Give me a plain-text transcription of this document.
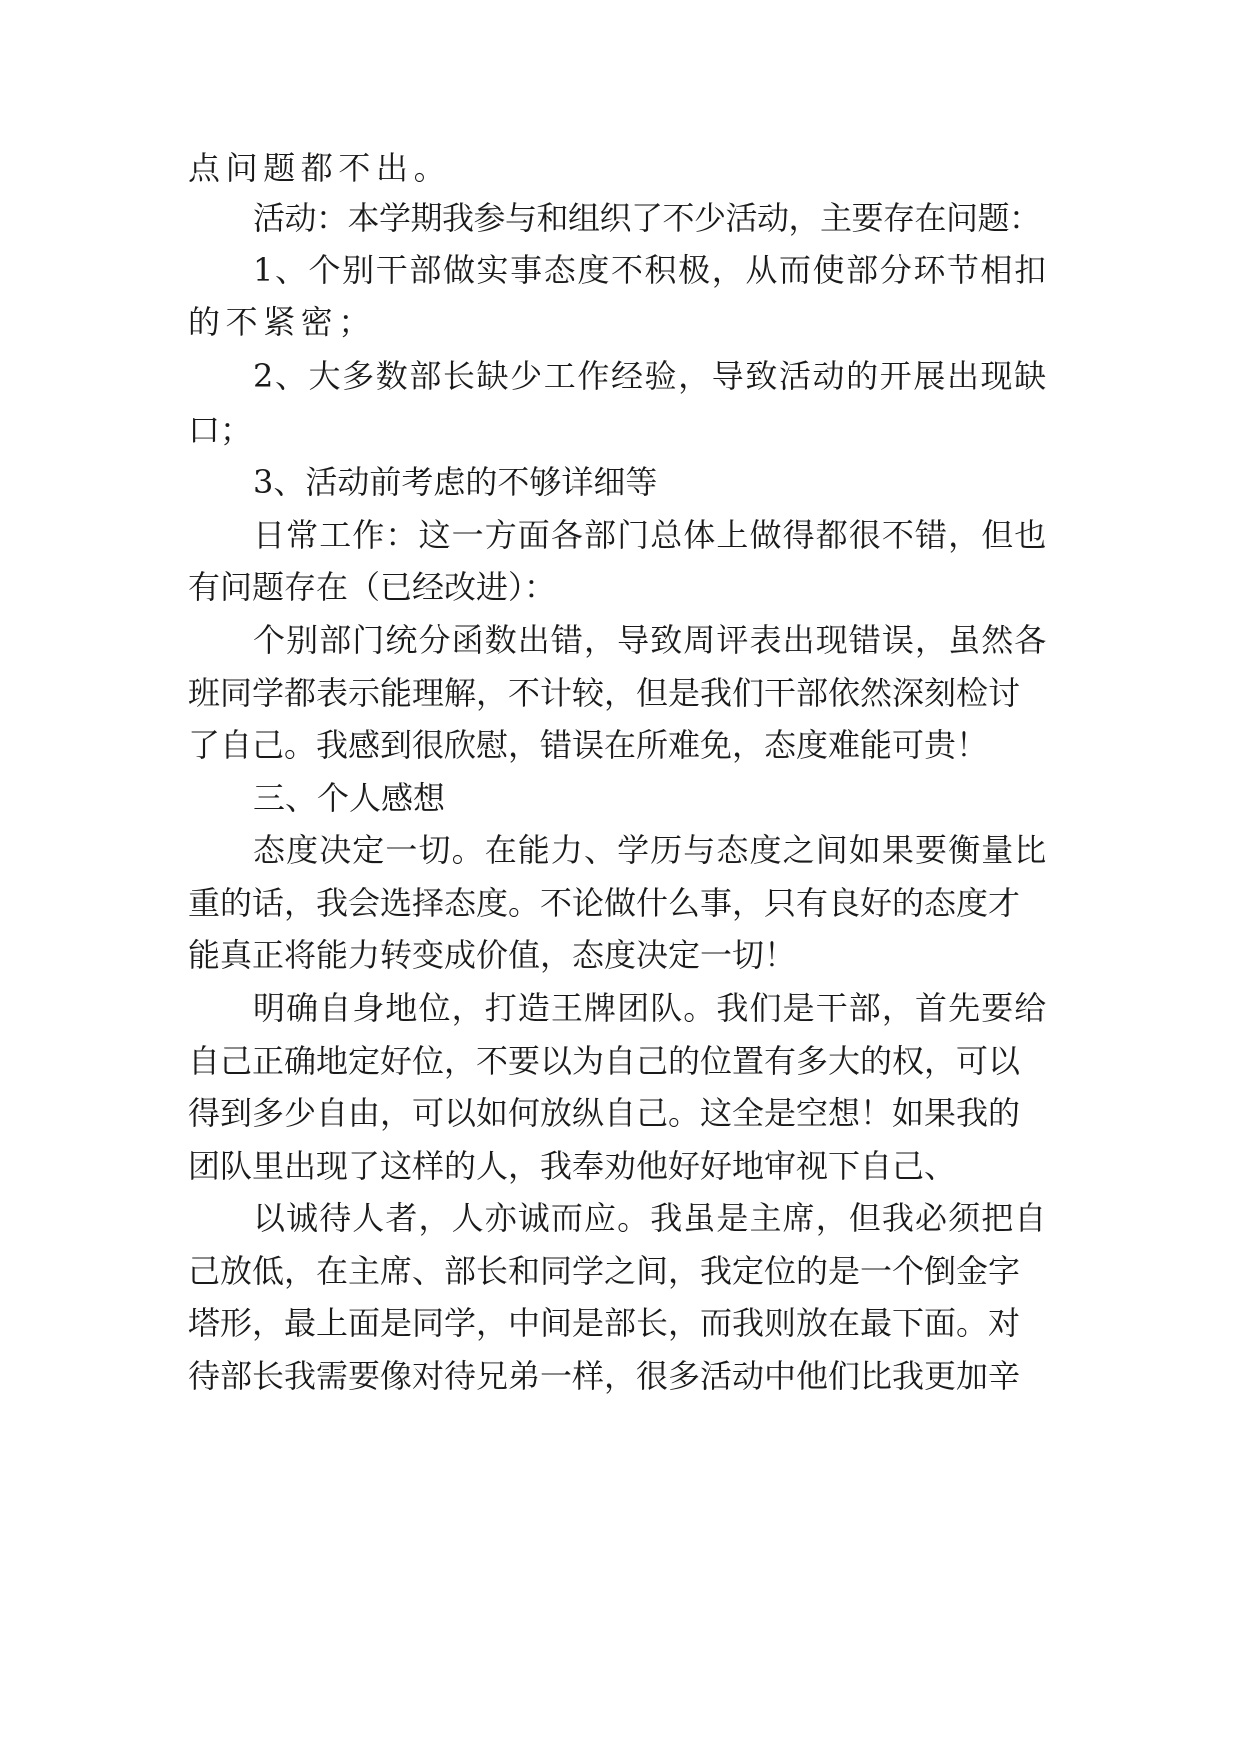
点问题都不出。

活动：本学期我参与和组织了不少活动，主要存在问题：

1、个别干部做实事态度不积极，从而使部分环节相扣

的不紧密；

2、大多数部长缺少工作经验，导致活动的开展出现缺

口；

3、活动前考虑的不够详细等

日常工作：这一方面各部门总体上做得都很不错，但也

有问题存在（已经改进）：

个别部门统分函数出错，导致周评表出现错误，虽然各

班同学都表示能理解，不计较，但是我们干部依然深刻检讨

了自己。我感到很欣慰，错误在所难免，态度难能可贵！

三、个人感想

态度决定一切。在能力、学历与态度之间如果要衡量比

重的话，我会选择态度。不论做什么事，只有良好的态度才

能真正将能力转变成价值，态度决定一切！

明确自身地位，打造王牌团队。我们是干部，首先要给

自己正确地定好位，不要以为自己的位置有多大的权，可以

得到多少自由，可以如何放纵自己。这全是空想！如果我的

团队里出现了这样的人，我奉劝他好好地审视下自己、

以诚待人者，人亦诚而应。我虽是主席，但我必须把自

己放低，在主席、部长和同学之间，我定位的是一个倒金字

塔形，最上面是同学，中间是部长，而我则放在最下面。对

待部长我需要像对待兄弟一样，很多活动中他们比我更加辛
